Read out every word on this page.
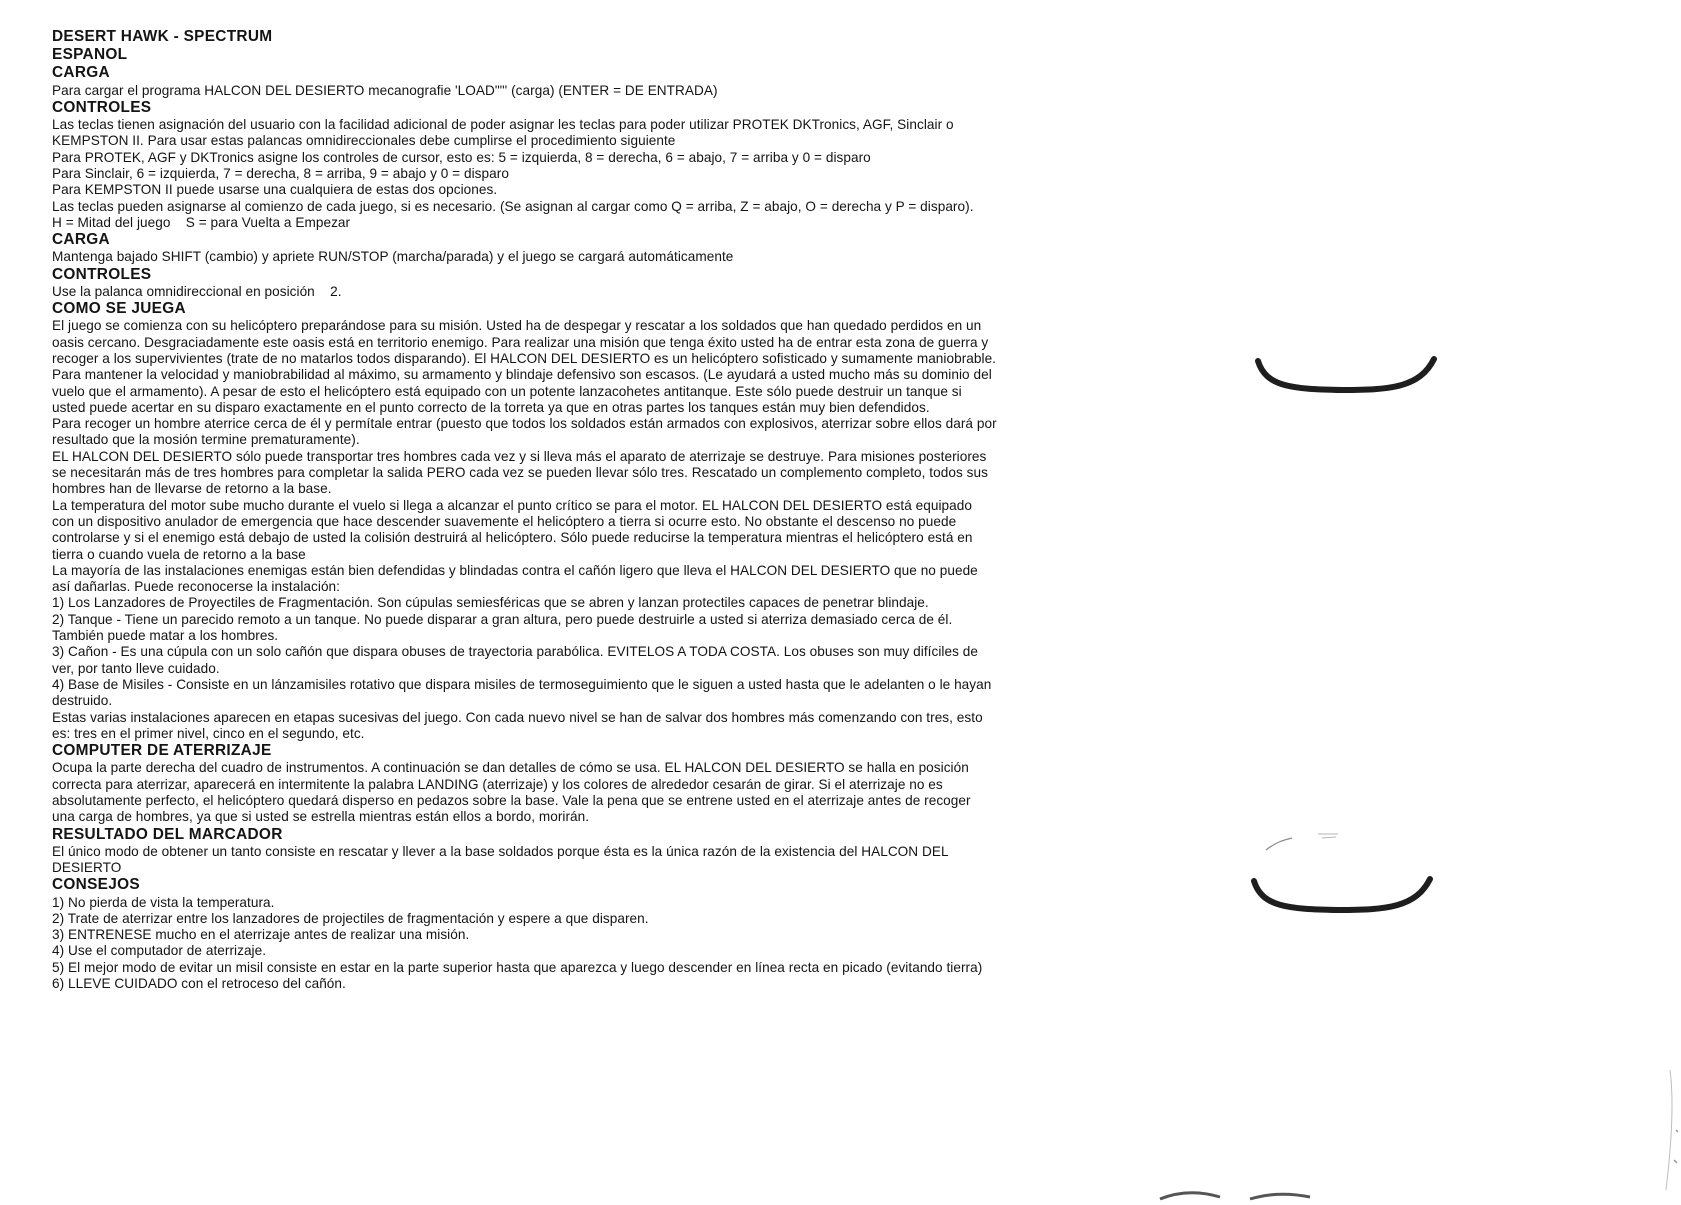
DESERT HAWK - SPECTRUM
ESPANOL
CARGA

Para cargar el programa HALCON DEL DESIERTO mecanografie 'LOAD""' (carga) (ENTER = DE ENTRADA)

CONTROLES

Las teclas tienen asignación del usuario con la facilidad adicional de poder asignar les teclas para poder utilizar PROTEK DKTronics, AGF, Sinclair o KEMPSTON II. Para usar estas palancas omnidireccionales debe cumplirse el procedimiento siguiente

Para PROTEK, AGF y DKTronics asigne los controles de cursor, esto es: 5 = izquierda, 8 = derecha, 6 = abajo, 7 = arriba y 0 = disparo

Para Sinclair, 6 = izquierda, 7 = derecha, 8 = arriba, 9 = abajo y 0 = disparo

Para KEMPSTON II puede usarse una cualquiera de estas dos opciones.

Las teclas pueden asignarse al comienzo de cada juego, si es necesario. (Se asignan al cargar como Q = arriba, Z = abajo, O = derecha y P = disparo).

H = Mitad del juego    S = para Vuelta a Empezar

CARGA

Mantenga bajado SHIFT (cambio) y apriete RUN/STOP (marcha/parada) y el juego se cargará automáticamente

CONTROLES

Use la palanca omnidireccional en posición    2.

COMO SE JUEGA

El juego se comienza con su helicóptero preparándose para su misión. Usted ha de despegar y rescatar a los soldados que han quedado perdidos en un oasis cercano. Desgraciadamente este oasis está en territorio enemigo. Para realizar una misión que tenga éxito usted ha de entrar esta zona de guerra y recoger a los supervivientes (trate de no matarlos todos disparando). El HALCON DEL DESIERTO es un helicóptero sofisticado y sumamente maniobrable. Para mantener la velocidad y maniobrabilidad al máximo, su armamento y blindaje defensivo son escasos. (Le ayudará a usted mucho más su dominio del vuelo que el armamento). A pesar de esto el helicóptero está equipado con un potente lanzacohetes antitanque. Este sólo puede destruir un tanque si usted puede acertar en su disparo exactamente en el punto correcto de la torreta ya que en otras partes los tanques están muy bien defendidos.

Para recoger un hombre aterrice cerca de él y permítale entrar (puesto que todos los soldados están armados con explosivos, aterrizar sobre ellos dará por resultado que la mosión termine prematuramente).

EL HALCON DEL DESIERTO sólo puede transportar tres hombres cada vez y si lleva más el aparato de aterrizaje se destruye. Para misiones posteriores se necesitarán más de tres hombres para completar la salida PERO cada vez se pueden llevar sólo tres. Rescatado un complemento completo, todos sus hombres han de llevarse de retorno a la base.

La temperatura del motor sube mucho durante el vuelo si llega a alcanzar el punto crítico se para el motor. EL HALCON DEL DESIERTO está equipado con un dispositivo anulador de emergencia que hace descender suavemente el helicóptero a tierra si ocurre esto. No obstante el descenso no puede controlarse y si el enemigo está debajo de usted la colisión destruirá al helicóptero. Sólo puede reducirse la temperatura mientras el helicóptero está en tierra o cuando vuela de retorno a la base

La mayoría de las instalaciones enemigas están bien defendidas y blindadas contra el cañón ligero que lleva el HALCON DEL DESIERTO que no puede así dañarlas. Puede reconocerse la instalación:

1) Los Lanzadores de Proyectiles de Fragmentación. Son cúpulas semiesféricas que se abren y lanzan protectiles capaces de penetrar blindaje.

2) Tanque - Tiene un parecido remoto a un tanque. No puede disparar a gran altura, pero puede destruirle a usted si aterriza demasiado cerca de él. También puede matar a los hombres.

3) Cañon - Es una cúpula con un solo cañón que dispara obuses de trayectoria parabólica. EVITELOS A TODA COSTA. Los obuses son muy difíciles de ver, por tanto lleve cuidado.

4) Base de Misiles - Consiste en un lánzamisiles rotativo que dispara misiles de termoseguimiento que le siguen a usted hasta que le adelanten o le hayan destruido.

Estas varias instalaciones aparecen en etapas sucesivas del juego. Con cada nuevo nivel se han de salvar dos hombres más comenzando con tres, esto es: tres en el primer nivel, cinco en el segundo, etc.

COMPUTER DE ATERRIZAJE

Ocupa la parte derecha del cuadro de instrumentos. A continuación se dan detalles de cómo se usa. EL HALCON DEL DESIERTO se halla en posición correcta para aterrizar, aparecerá en intermitente la palabra LANDING (aterrizaje) y los colores de alrededor cesarán de girar. Si el aterrizaje no es absolutamente perfecto, el helicóptero quedará disperso en pedazos sobre la base. Vale la pena que se entrene usted en el aterrizaje antes de recoger una carga de hombres, ya que si usted se estrella mientras están ellos a bordo, morirán.

RESULTADO DEL MARCADOR

El único modo de obtener un tanto consiste en rescatar y llever a la base soldados porque ésta es la única razón de la existencia del HALCON DEL DESIERTO

CONSEJOS

1) No pierda de vista la temperatura.

2) Trate de aterrizar entre los lanzadores de projectiles de fragmentación y espere a que disparen.

3) ENTRENESE mucho en el aterrizaje antes de realizar una misión.

4) Use el computador de aterrizaje.

5) El mejor modo de evitar un misil consiste en estar en la parte superior hasta que aparezca y luego descender en línea recta en picado (evitando tierra)

6) LLEVE CUIDADO con el retroceso del cañón.
